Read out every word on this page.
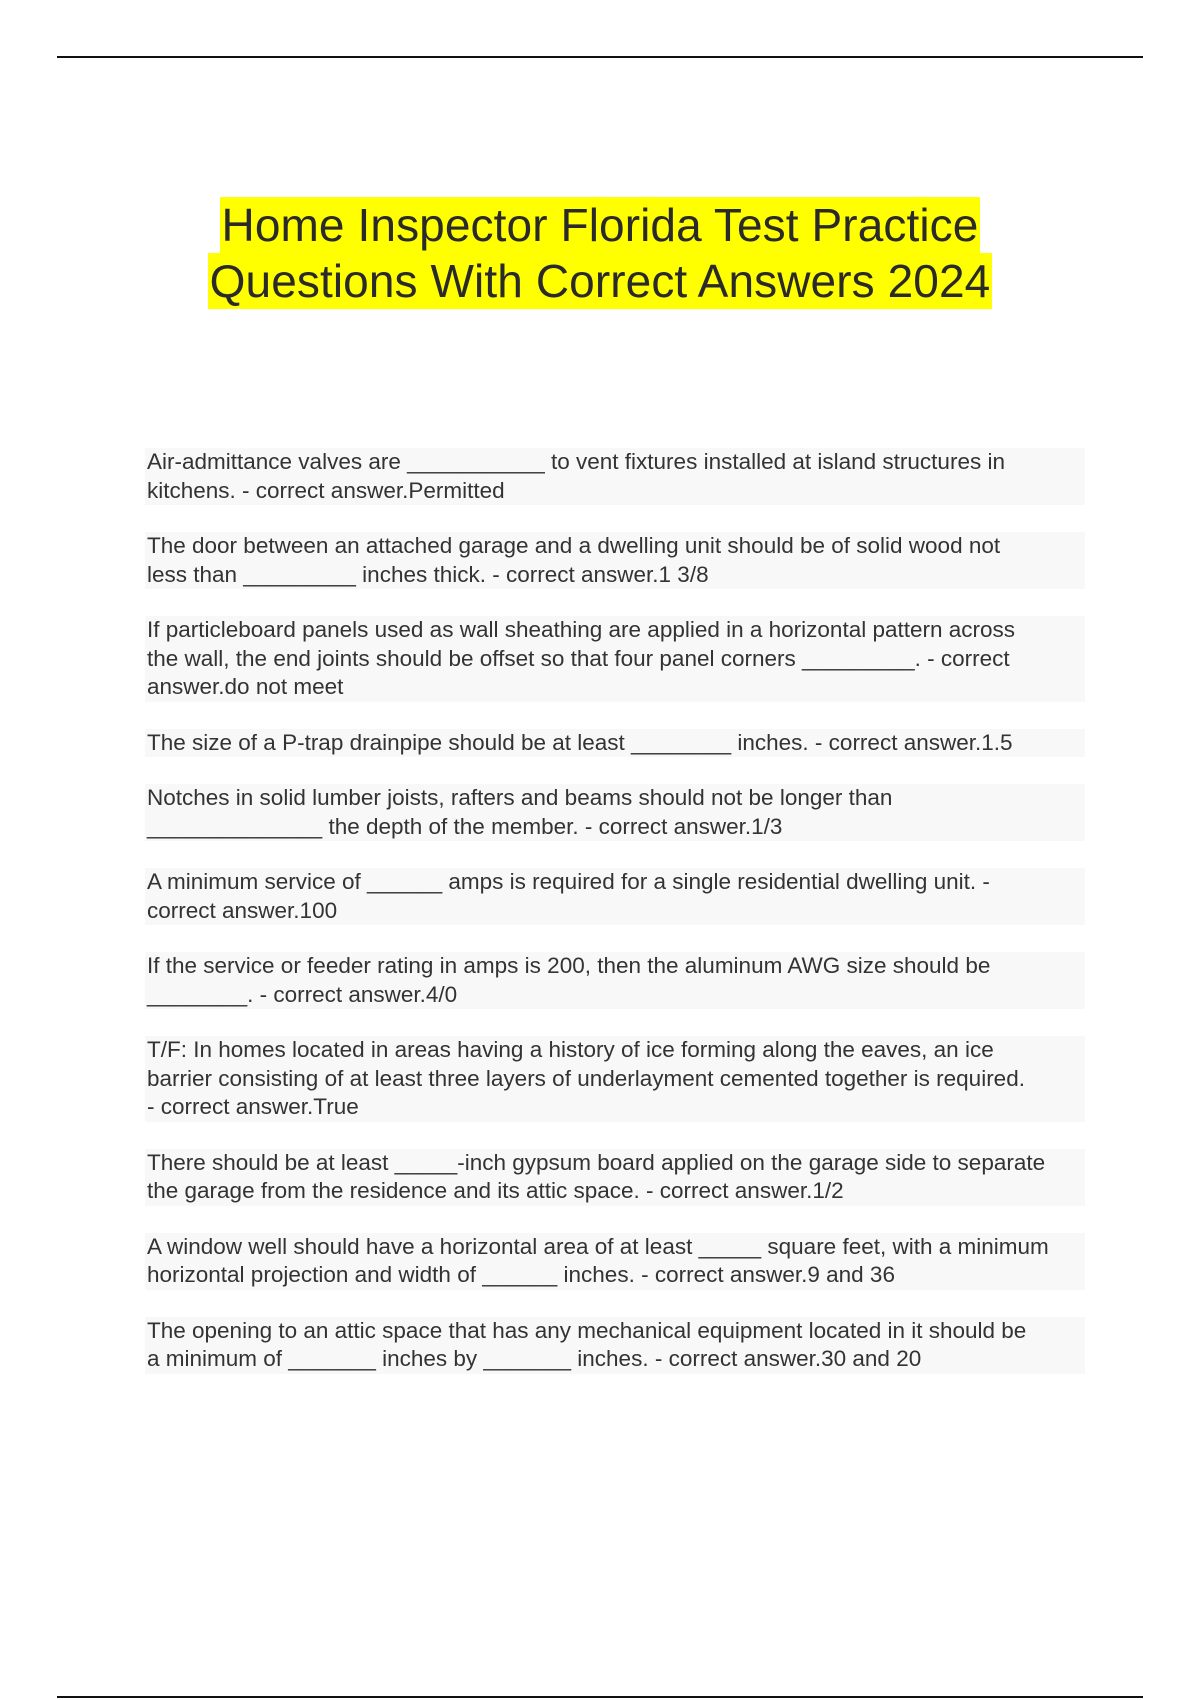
Home Inspector Florida Test Practice
Questions With Correct Answers 2024

Air-admittance valves are ___________ to vent fixtures installed at island structures in
kitchens. - correct answer.Permitted

The door between an attached garage and a dwelling unit should be of solid wood not
less than _________ inches thick. - correct answer.1 3/8

If particleboard panels used as wall sheathing are applied in a horizontal pattern across
the wall, the end joints should be offset so that four panel corners _________. - correct
answer.do not meet

The size of a P-trap drainpipe should be at least ________ inches. - correct answer.1.5

Notches in solid lumber joists, rafters and beams should not be longer than
______________ the depth of the member. - correct answer.1/3

A minimum service of ______ amps is required for a single residential dwelling unit. -
correct answer.100

If the service or feeder rating in amps is 200, then the aluminum AWG size should be
________. - correct answer.4/0

T/F: In homes located in areas having a history of ice forming along the eaves, an ice
barrier consisting of at least three layers of underlayment cemented together is required.
- correct answer.True

There should be at least _____-inch gypsum board applied on the garage side to separate
the garage from the residence and its attic space. - correct answer.1/2

A window well should have a horizontal area of at least _____ square feet, with a minimum
horizontal projection and width of ______ inches. - correct answer.9 and 36

The opening to an attic space that has any mechanical equipment located in it should be
a minimum of _______ inches by _______ inches. - correct answer.30 and 20
